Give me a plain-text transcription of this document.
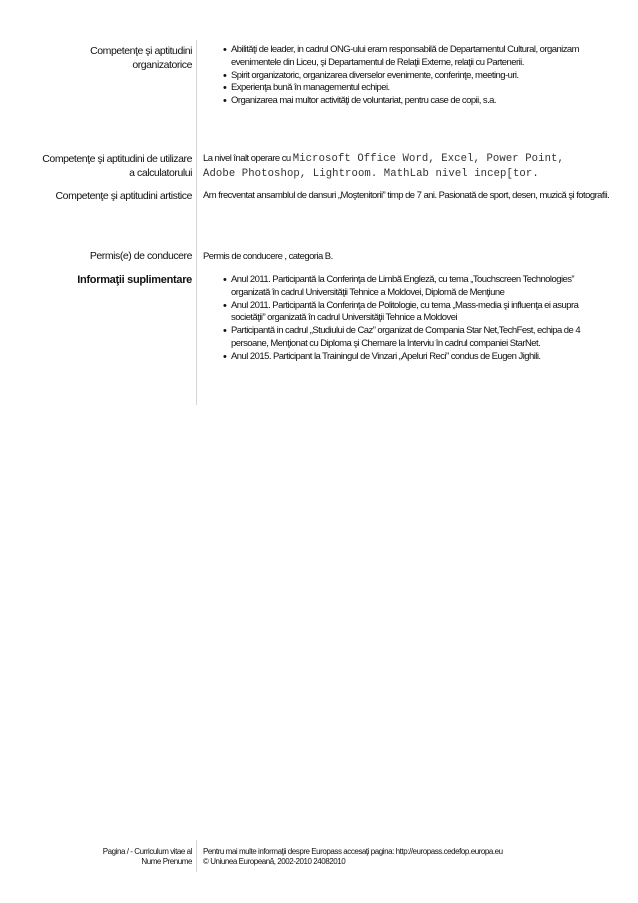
Competenţe şi aptitudini
organizatorice
• Abilităţi de leader, in cadrul ONG-ului eram responsabilă de Departamentul Cultural, organizam evenimentele din Liceu, şi Departamentul de Relaţii Externe, relaţii cu Partenerii.
• Spirit organizatoric, organizarea diverselor evenimente, conferinţe, meeting-uri.
• Experienţa bună în managementul echipei.
• Organizarea mai multor activităţi de voluntariat, pentru case de copii, s.a.
Competenţe şi aptitudini de utilizare
a calculatorului
La nivel înalt operare cu Microsoft Office Word, Excel, Power Point,
Adobe Photoshop, Lightroom. MathLab nivel incep[tor.
Competenţe şi aptitudini artistice Am frecventat ansamblul de dansuri „Moştenitorii” timp de 7 ani. Pasionată de sport, desen, muzică şi fotografii.
Permis(e) de conducere Permis de conducere , categoria B.
Informaţii suplimentare
•	Anul 2011. Participantă la Conferinţa de Limbă Engleză, cu tema „Touchscreen Technologies” organizată în cadrul Universităţii Tehnice a Moldovei, Diplomă de Menţiune
• Anul 2011. Participantă la Conferinţa de Politologie, cu tema „Mass-media şi influenţa ei asupra societăţii” organizată în cadrul Universităţii Tehnice a Moldovei
• Participantă in cadrul „Studiului de Caz” organizat de Compania Star Net,TechFest, echipa de 4 persoane, Menţionat cu Diploma şi Chemare la Interviu în cadrul companiei StarNet.
• Anul 2015. Participant la Trainingul de Vinzari „Apeluri Reci” condus de Eugen Jighili.
Pagina / - Curriculum vitae al
Nume Prenume
Pentru mai multe informaţii despre Europass accesaţi pagina: http://europass.cedefop.europa.eu
© Uniunea Europeană, 2002-2010 24082010
